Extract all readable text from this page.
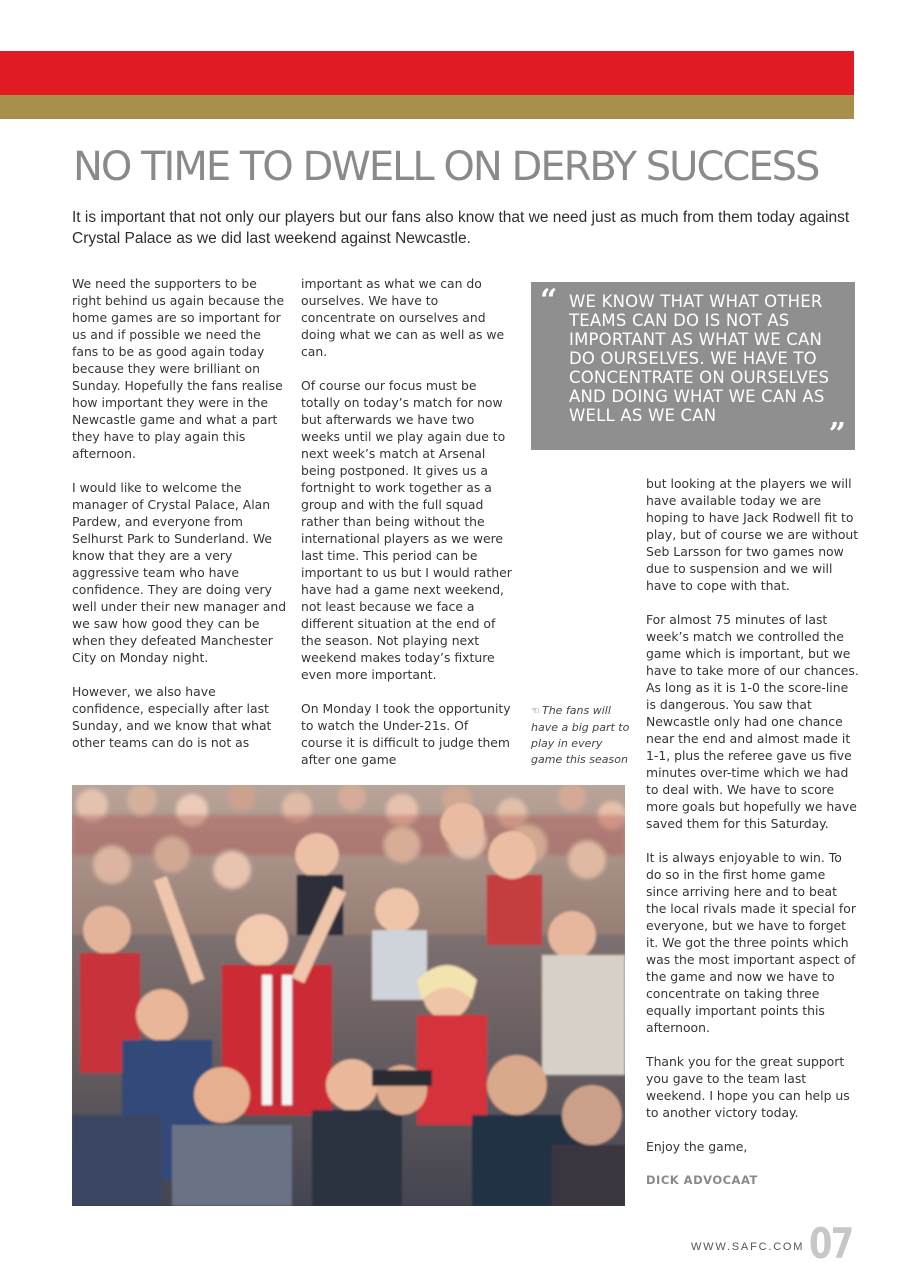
NO TIME TO DWELL ON DERBY SUCCESS

It is important that not only our players but our fans also know that we need just as much from them today against Crystal Palace as we did last weekend against Newcastle.

We need the supporters to be right behind us again because the home games are so important for us and if possible we need the fans to be as good again today because they were brilliant on Sunday. Hopefully the fans realise how important they were in the Newcastle game and what a part they have to play again this afternoon.

I would like to welcome the manager of Crystal Palace, Alan Pardew, and everyone from Selhurst Park to Sunderland. We know that they are a very aggressive team who have confidence. They are doing very well under their new manager and we saw how good they can be when they defeated Manchester City on Monday night.

However, we also have confidence, especially after last Sunday, and we know that what other teams can do is not as

important as what we can do ourselves. We have to concentrate on ourselves and doing what we can as well as we can.

Of course our focus must be totally on today’s match for now but afterwards we have two weeks until we play again due to next week’s match at Arsenal being postponed. It gives us a fortnight to work together as a group and with the full squad rather than being without the international players as we were last time. This period can be important to us but I would rather have had a game next weekend, not least because we face a different situation at the end of the season. Not playing next weekend makes today’s fixture even more important.

On Monday I took the opportunity to watch the Under-21s. Of course it is difficult to judge them after one game

“ WE KNOW THAT WHAT OTHER TEAMS CAN DO IS NOT AS IMPORTANT AS WHAT WE CAN DO OURSELVES. WE HAVE TO CONCENTRATE ON OURSELVES AND DOING WHAT WE CAN AS WELL AS WE CAN

”

but looking at the players we will have available today we are hoping to have Jack Rodwell fit to play, but of course we are without Seb Larsson for two games now due to suspension and we will have to cope with that.

For almost 75 minutes of last week’s match we controlled the game which is important, but we have to take more of our chances. As long as it is 1-0 the score-line is dangerous. You saw that Newcastle only had one chance near the end and almost made it 1-1, plus the referee gave us five minutes over-time which we had to deal with. We have to score more goals but hopefully we have saved them for this Saturday.

It is always enjoyable to win. To do so in the first home game since arriving here and to beat the local rivals made it special for everyone, but we have to forget it. We got the three points which was the most important aspect of the game and now we have to concentrate on taking three equally important points this afternoon.

Thank you for the great support you gave to the team last weekend. I hope you can help us to another victory today.

Enjoy the game,

DICK ADVOCAAT

☜ The fans will have a big part to play in every game this season
WWW.SAFC.COM 07
